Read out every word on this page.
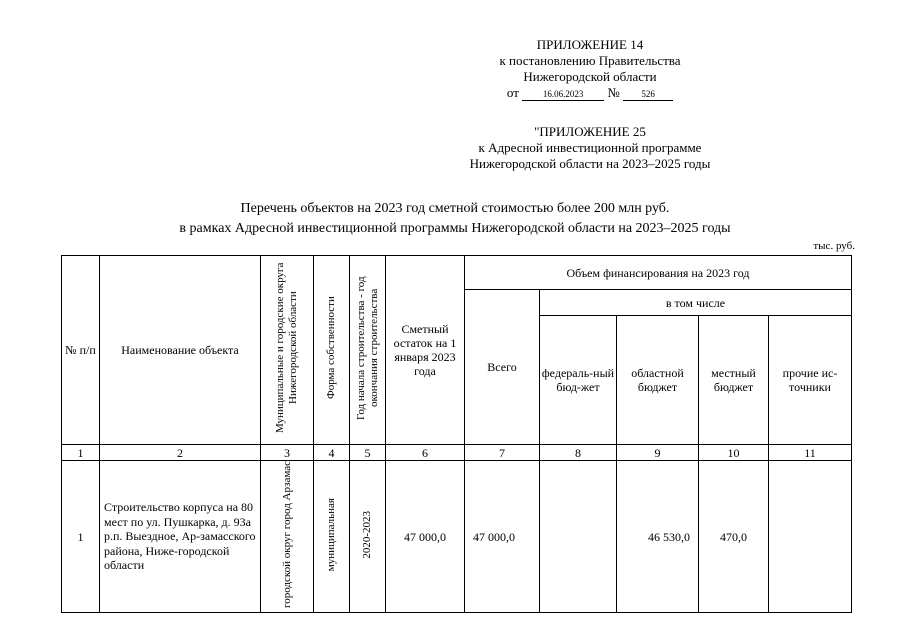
ПРИЛОЖЕНИЕ 14
к постановлению Правительства
Нижегородской области
от	16.06.2023 № 526
"ПРИЛОЖЕНИЕ 25
к Адресной инвестиционной программе
Нижегородской области на 2023–2025 годы
Перечень объектов на 2023 год сметной стоимостью более 200 млн руб.
в рамках Адресной инвестиционной программы Нижегородской области на 2023–2025 годы
тыс. руб.
№ п/п	Наименование объекта	Муниципальные и городские округа Нижегородской области	Форма собственности	Год начала строительства - год окончания строительства	Сметный остаток на 1 января 2023 года	Объем финансирования на 2023 год				
						Всего	в том числе			
							федераль-ный бюд-жет	областной бюджет	местный бюджет	прочие ис-точники
1	2	3	4	5	6	7	8	9	10	11
1	Строительство корпуса на 80 мест по ул. Пушкарка, д. 93а р.п. Выездное, Ар-замасского района, Ниже-городской области	городской округ город Арзамас	муниципальная	2020-2023	47 000,0	47 000,0		46 530,0	470,0	
